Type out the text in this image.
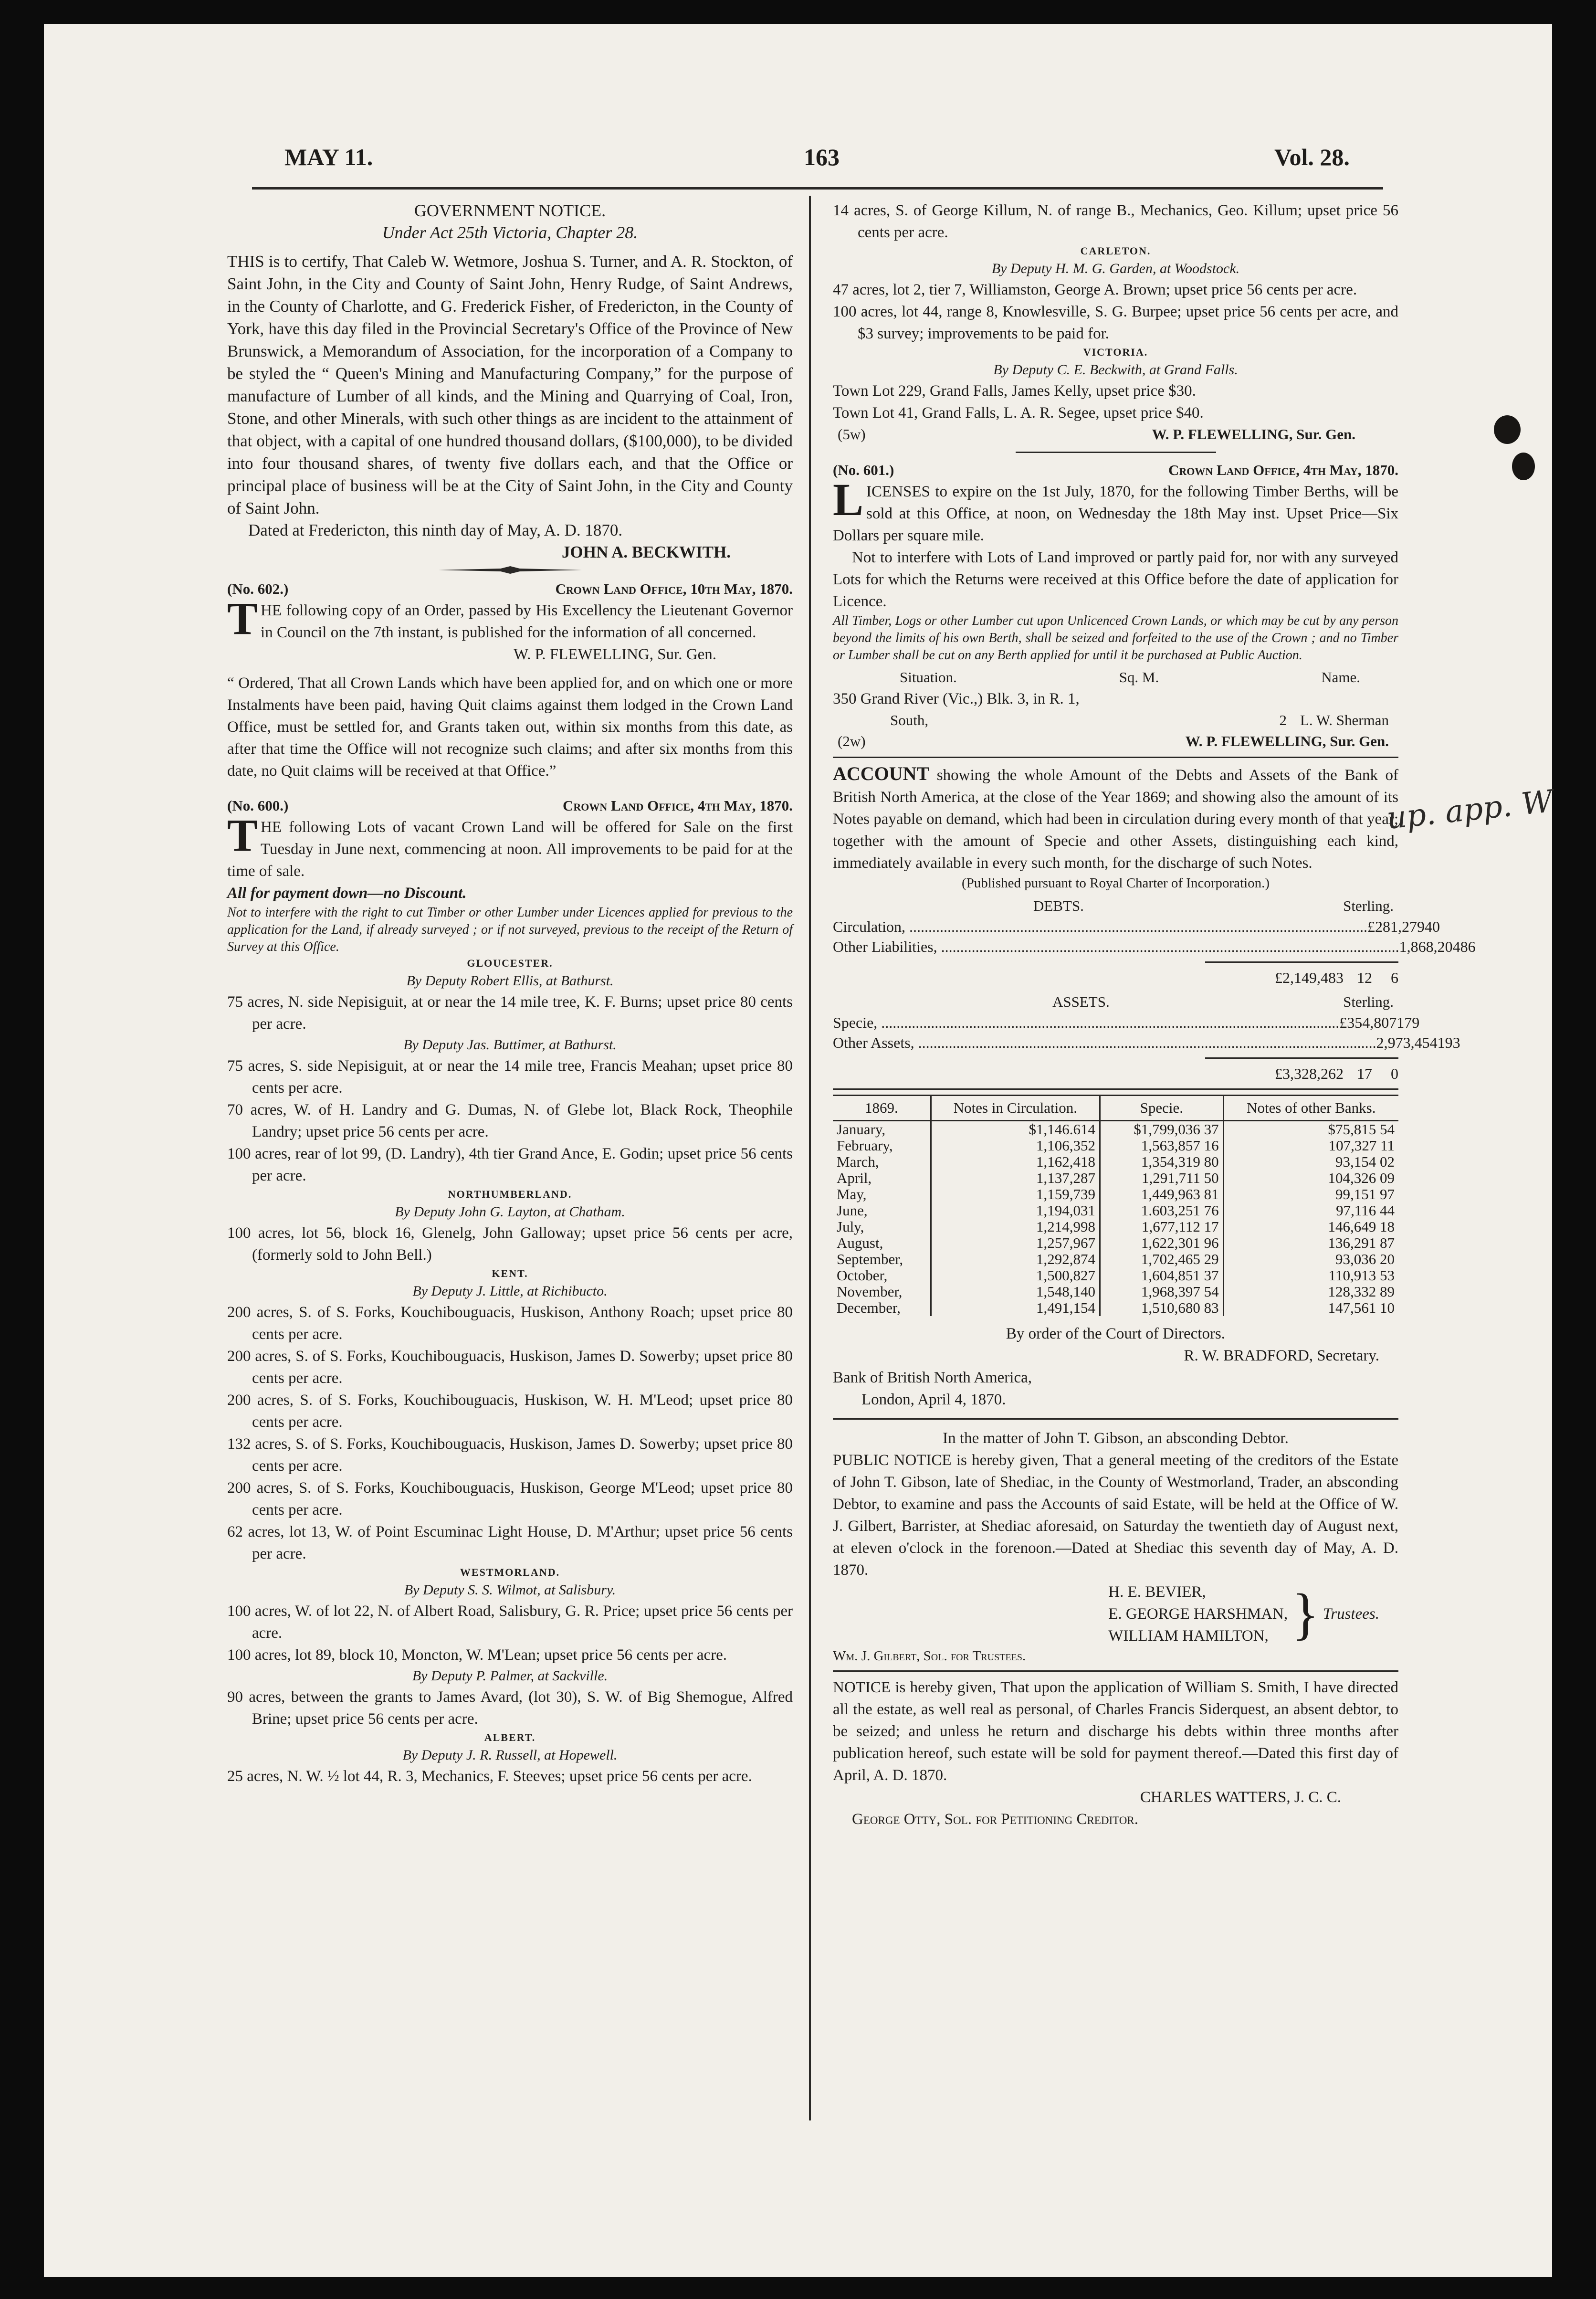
MAY 11.	163	Vol. 28.
GOVERNMENT NOTICE.
Under Act 25th Victoria, Chapter 28.

THIS is to certify, That Caleb W. Wetmore, Joshua S. Turner, and A. R. Stockton, of Saint John, in the City and County of Saint John, Henry Rudge, of Saint Andrews, in the County of Charlotte, and G. Frederick Fisher, of Fredericton, in the County of York, have this day filed in the Provincial Secretary's Office of the Province of New Brunswick, a Memorandum of Association, for the incorporation of a Company to be styled the “ Queen's Mining and Manufacturing Company,” for the purpose of manufacture of Lumber of all kinds, and the Mining and Quarrying of Coal, Iron, Stone, and other Minerals, with such other things as are incident to the attainment of that object, with a capital of one hundred thousand dollars, ($100,000), to be divided into four thousand shares, of twenty five dollars each, and that the Office or principal place of business will be at the City of Saint John, in the City and County of Saint John.

Dated at Fredericton, this ninth day of May, A. D. 1870.

JOHN A. BECKWITH.

(No. 602.)	Crown Land Office, 10th May, 1870.

THE following copy of an Order, passed by His Excellency the Lieutenant Governor in Council on the 7th instant, is published for the information of all concerned.

W. P. FLEWELLING, Sur. Gen.

“ Ordered, That all Crown Lands which have been applied for, and on which one or more Instalments have been paid, having Quit claims against them lodged in the Crown Land Office, must be settled for, and Grants taken out, within six months from this date, as after that time the Office will not recognize such claims; and after six months from this date, no Quit claims will be received at that Office.”

(No. 600.)	Crown Land Office, 4th May, 1870.

THE following Lots of vacant Crown Land will be offered for Sale on the first Tuesday in June next, commencing at noon. All improvements to be paid for at the time of sale.

All for payment down—no Discount.

Not to interfere with the right to cut Timber or other Lumber under Licences applied for previous to the application for the Land, if already surveyed ; or if not surveyed, previous to the receipt of the Return of Survey at this Office.

GLOUCESTER.
By Deputy Robert Ellis, at Bathurst.

75 acres, N. side Nepisiguit, at or near the 14 mile tree, K. F. Burns; upset price 80 cents per acre.

By Deputy Jas. Buttimer, at Bathurst.

75 acres, S. side Nepisiguit, at or near the 14 mile tree, Francis Meahan; upset price 80 cents per acre.

70 acres, W. of H. Landry and G. Dumas, N. of Glebe lot, Black Rock, Theophile Landry; upset price 56 cents per acre.

100 acres, rear of lot 99, (D. Landry), 4th tier Grand Ance, E. Godin; upset price 56 cents per acre.

NORTHUMBERLAND.
By Deputy John G. Layton, at Chatham.

100 acres, lot 56, block 16, Glenelg, John Galloway; upset price 56 cents per acre, (formerly sold to John Bell.)

KENT.
By Deputy J. Little, at Richibucto.

200 acres, S. of S. Forks, Kouchibouguacis, Huskison, Anthony Roach; upset price 80 cents per acre.

200 acres, S. of S. Forks, Kouchibouguacis, Huskison, James D. Sowerby; upset price 80 cents per acre.

200 acres, S. of S. Forks, Kouchibouguacis, Huskison, W. H. M'Leod; upset price 80 cents per acre.

132 acres, S. of S. Forks, Kouchibouguacis, Huskison, James D. Sowerby; upset price 80 cents per acre.

200 acres, S. of S. Forks, Kouchibouguacis, Huskison, George M'Leod; upset price 80 cents per acre.

62 acres, lot 13, W. of Point Escuminac Light House, D. M'Arthur; upset price 56 cents per acre.

WESTMORLAND.
By Deputy S. S. Wilmot, at Salisbury.

100 acres, W. of lot 22, N. of Albert Road, Salisbury, G. R. Price; upset price 56 cents per acre.

100 acres, lot 89, block 10, Moncton, W. M'Lean; upset price 56 cents per acre.

By Deputy P. Palmer, at Sackville.

90 acres, between the grants to James Avard, (lot 30), S. W. of Big Shemogue, Alfred Brine; upset price 56 cents per acre.

ALBERT.
By Deputy J. R. Russell, at Hopewell.

25 acres, N. W. ½ lot 44, R. 3, Mechanics, F. Steeves; upset price 56 cents per acre.

14 acres, S. of George Killum, N. of range B., Mechanics, Geo. Killum; upset price 56 cents per acre.

CARLETON.
By Deputy H. M. G. Garden, at Woodstock.

47 acres, lot 2, tier 7, Williamston, George A. Brown; upset price 56 cents per acre.

100 acres, lot 44, range 8, Knowlesville, S. G. Burpee; upset price 56 cents per acre, and $3 survey; improvements to be paid for.

VICTORIA.
By Deputy C. E. Beckwith, at Grand Falls.

Town Lot 229, Grand Falls, James Kelly, upset price $30.

Town Lot 41, Grand Falls, L. A. R. Segee, upset price $40.

(5w)	W. P. FLEWELLING, Sur. Gen.
(No. 601.)	Crown Land Office, 4th May, 1870.

LICENSES to expire on the 1st July, 1870, for the following Timber Berths, will be sold at this Office, at noon, on Wednesday the 18th May inst. Upset Price—Six Dollars per square mile.

Not to interfere with Lots of Land improved or partly paid for, nor with any surveyed Lots for which the Returns were received at this Office before the date of application for Licence.

All Timber, Logs or other Lumber cut upon Unlicenced Crown Lands, or which may be cut by any person beyond the limits of his own Berth, shall be seized and forfeited to the use of the Crown ; and no Timber or Lumber shall be cut on any Berth applied for until it be purchased at Public Auction.

Situation.	Sq. M.	Name.
350 Grand River (Vic.,) Blk. 3, in R. 1,
South,	2 L. W. Sherman
(2w)	W. P. FLEWELLING, Sur. Gen.

ACCOUNT showing the whole Amount of the Debts and Assets of the Bank of British North America, at the close of the Year 1869; and showing also the amount of its Notes payable on demand, which had been in circulation during every month of that year; together with the amount of Specie and other Assets, distinguishing each kind, immediately available in every such month, for the discharge of such Notes.

(Published pursuant to Royal Charter of Incorporation.)
DEBTS.	Sterling.
Circulation, ........................................................................................................................ £281,279 4 0
Other Liabilities, ........................................................................................................................ 1,868,204 8 6
£2,149,483 12	6
ASSETS.	Sterling.
Specie, ........................................................................................................................ £354,807 17 9
Other Assets, ........................................................................................................................ 2,973,454 19 3
£3,328,262 17	0
1869.	Notes in Circulation.	Specie.	Notes of other Banks.
January,	$1,146.614	$1,799,036 37	$75,815 54
February,	1,106,352	1,563,857 16	107,327 11
March,	1,162,418	1,354,319 80	93,154 02
April,	1,137,287	1,291,711 50	104,326 09
May,	1,159,739	1,449,963 81	99,151 97
June,	1,194,031	1.603,251 76	97,116 44
July,	1,214,998	1,677,112 17	146,649 18
August,	1,257,967	1,622,301 96	136,291 87
September,	1,292,874	1,702,465 29	93,036 20
October,	1,500,827	1,604,851 37	110,913 53
November,	1,548,140	1,968,397 54	128,332 89
December,	1,491,154	1,510,680 83	147,561 10

By order of the Court of Directors.

R. W. BRADFORD, Secretary.

Bank of British North America,

London, April 4, 1870.

In the matter of John T. Gibson, an absconding Debtor.

PUBLIC NOTICE is hereby given, That a general meeting of the creditors of the Estate of John T. Gibson, late of Shediac, in the County of Westmorland, Trader, an absconding Debtor, to examine and pass the Accounts of said Estate, will be held at the Office of W. J. Gilbert, Barrister, at Shediac aforesaid, on Saturday the twentieth day of August next, at eleven o'clock in the forenoon.—Dated at Shediac this seventh day of May, A. D. 1870.

H. E. BEVIER,
E. GEORGE HARSHMAN,
WILLIAM HAMILTON, } Trustees.

Wm. J. Gilbert, Sol. for Trustees.

NOTICE is hereby given, That upon the application of William S. Smith, I have directed all the estate, as well real as personal, of Charles Francis Siderquest, an absent debtor, to be seized; and unless he return and discharge his debts within three months after publication hereof, such estate will be sold for payment thereof.—Dated this first day of April, A. D. 1870.

CHARLES WATTERS, J. C. C.

George Otty, Sol. for Petitioning Creditor.

up. app. W
